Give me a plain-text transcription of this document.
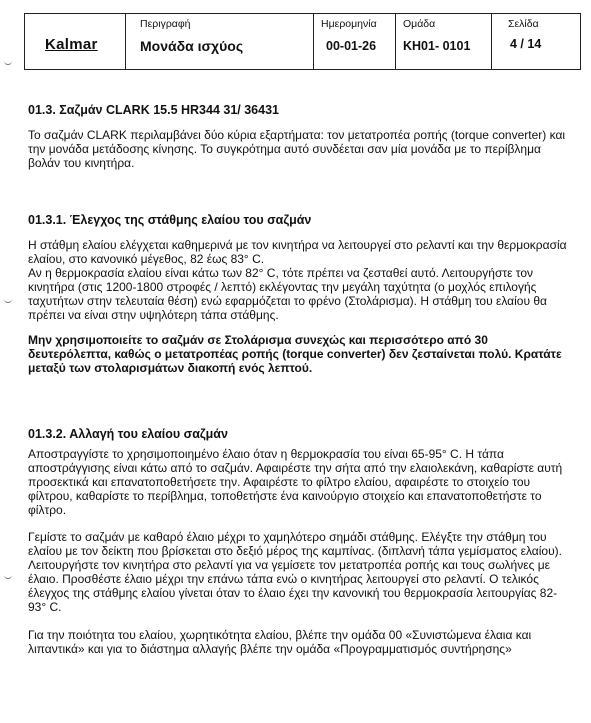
Kalmar
Περιγραφή
Μονάδα ισχύος
Ημερομηνία
00-01-26
Ομάδα
KH01- 0101
Σελίδα
4 / 14
01.3. Σαζμάν CLARK 15.5 HR344 31/ 36431

Το σαζμάν CLARK περιλαμβάνει δύο κύρια εξαρτήματα: τον μετατροπέα ροπής (torque converter) και την μονάδα μετάδοσης κίνησης. Το συγκρότημα αυτό συνδέεται σαν μία μονάδα με το περίβλημα βολάν του κινητήρα.

01.3.1. Έλεγχος της στάθμης ελαίου του σαζμάν

Η στάθμη ελαίου ελέγχεται καθημερινά με τον κινητήρα να λειτουργεί στο ρελαντί και την θερμοκρασία ελαίου, στο κανονικό μέγεθος, 82 έως 83° C.

Αν η θερμοκρασία ελαίου είναι κάτω των 82° C, τότε πρέπει να ζεσταθεί αυτό. Λειτουργήστε τον κινητήρα (στις 1200-1800 στροφές / λεπτό) εκλέγοντας την μεγάλη ταχύτητα (ο μοχλός επιλογής ταχυτήτων στην τελευταία θέση) ενώ εφαρμόζεται το φρένο (Στολάρισμα). Η στάθμη του ελαίου θα πρέπει να είναι στην υψηλότερη τάπα στάθμης.

Μην χρησιμοποιείτε το σαζμάν σε Στολάρισμα συνεχώς και περισσότερο από 30 δευτερόλεπτα, καθώς ο μετατροπέας ροπής (torque converter) δεν ζεσταίνεται πολύ. Κρατάτε μεταξύ των στολαρισμάτων διακοπή ενός λεπτού.

01.3.2. Αλλαγή του ελαίου σαζμάν

Αποστραγγίστε το χρησιμοποιημένο έλαιο όταν η θερμοκρασία του είναι 65-95° C. Η τάπα αποστράγγισης είναι κάτω από το σαζμάν. Αφαιρέστε την σήτα από την ελαιολεκάνη, καθαρίστε αυτή προσεκτικά και επανατοποθετήσετε την. Αφαιρέστε το φίλτρο ελαίου, αφαιρέστε το στοιχείο του φίλτρου, καθαρίστε το περίβλημα, τοποθετήστε ένα καινούργιο στοιχείο και επανατοποθετήστε το φίλτρο.

Γεμίστε το σαζμάν με καθαρό έλαιο μέχρι το χαμηλότερο σημάδι στάθμης. Ελέγξτε την στάθμη του ελαίου με τον δείκτη που βρίσκεται στο δεξιό μέρος της καμπίνας. (διπλανή τάπα γεμίσματος ελαίου). Λειτουργήστε τον κινητήρα στο ρελαντί για να γεμίσετε τον μετατροπέα ροπής και τους σωλήνες με έλαιο. Προσθέστε έλαιο μέχρι την επάνω τάπα ενώ ο κινητήρας λειτουργεί στο ρελαντί. Ο τελικός έλεγχος της στάθμης ελαίου γίνεται όταν το έλαιο έχει την κανονική του θερμοκρασία λειτουργίας 82-93° C.

Για την ποιότητα του ελαίου, χωρητικότητα ελαίου, βλέπε την ομάδα 00 «Συνιστώμενα έλαια και λιπαντικά» και για το διάστημα αλλαγής βλέπε την ομάδα «Προγραμματισμός συντήρησης»
